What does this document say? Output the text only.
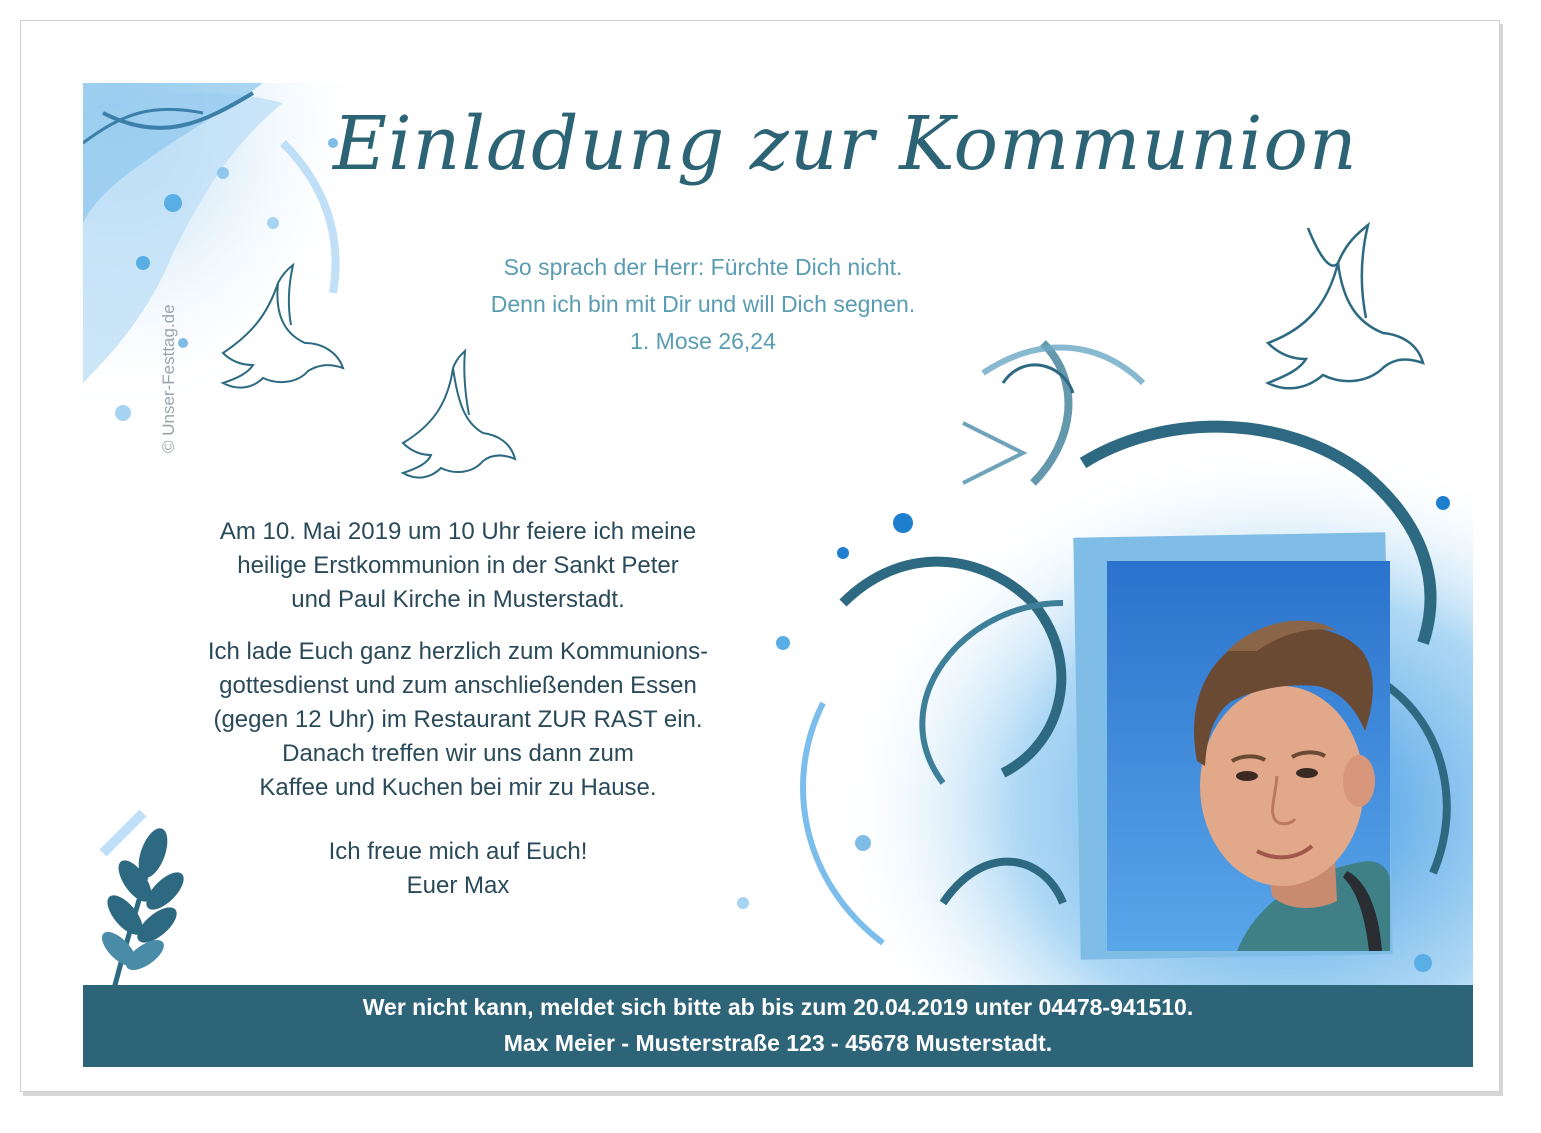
© Unser-Festtag.de
Einladung zur Kommunion
So sprach der Herr: Fürchte Dich nicht.
Denn ich bin mit Dir und will Dich segnen.
1. Mose 26,24
Am 10. Mai 2019 um 10 Uhr feiere ich meine
heilige Erstkommunion in der Sankt Peter
und Paul Kirche in Musterstadt.
Ich lade Euch ganz herzlich zum Kommunions-
gottesdienst und zum anschließenden Essen
(gegen 12 Uhr) im Restaurant ZUR RAST ein.
Danach treffen wir uns dann zum
Kaffee und Kuchen bei mir zu Hause.
Ich freue mich auf Euch!
Euer Max
Wer nicht kann, meldet sich bitte ab bis zum 20.04.2019 unter 04478-941510.
Max Meier - Musterstraße 123 - 45678 Musterstadt.
